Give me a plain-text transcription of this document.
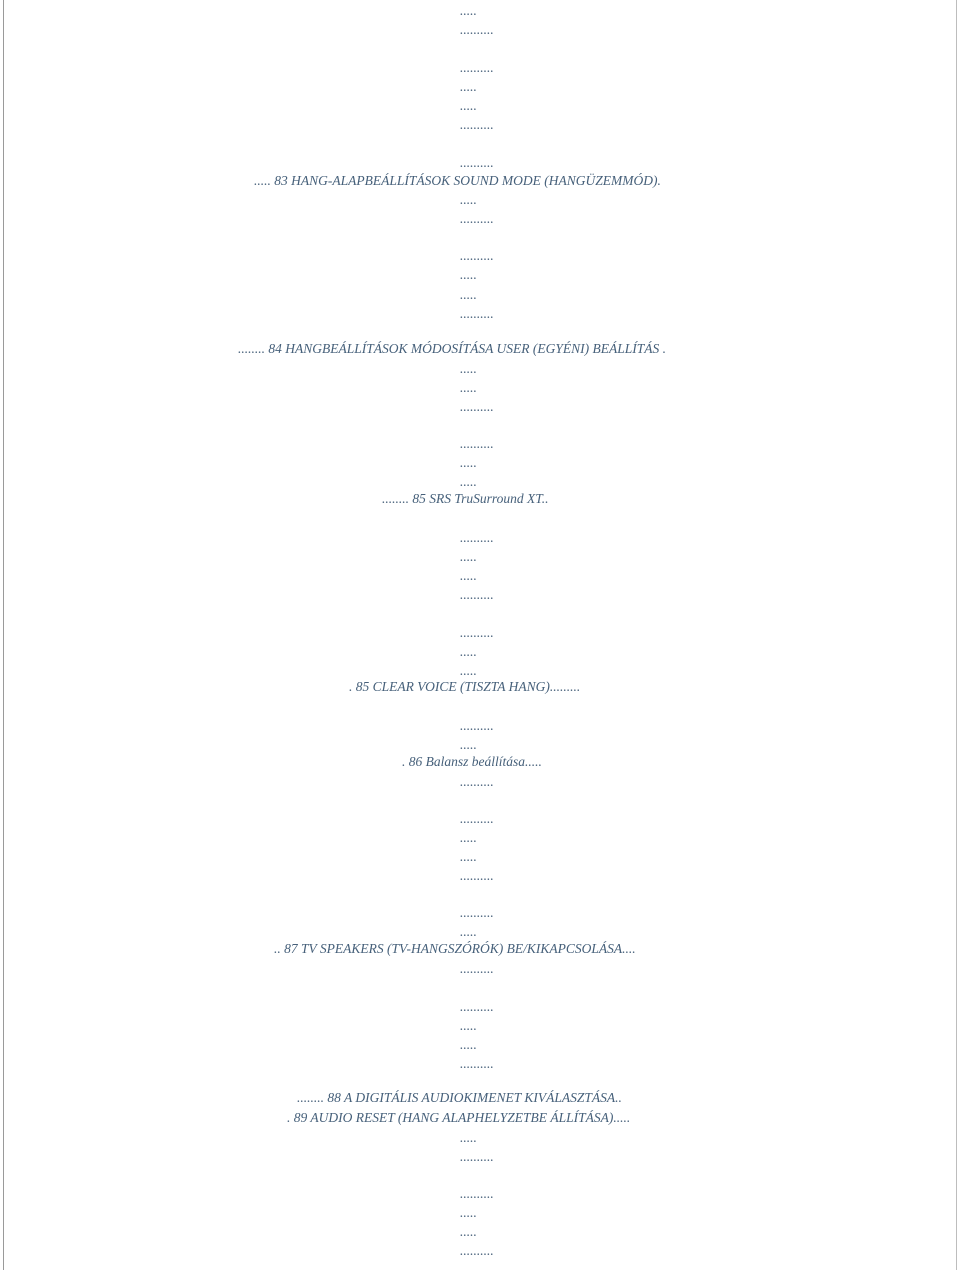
.....
..........
..........
.....
.....
..........
..........
.....
..........
..........
.....
.....
..........
.....
.....
..........
..........
.....
.....
..........
.....
.....
..........
..........
.....
.....
..........
.....
..........
..........
.....
.....
..........
..........
.....
..........
..........
.....
.....
..........
.....
..........
..........
.....
.....
..........
..... 83 HANG-ALAPBEÁLLÍTÁSOK SOUND MODE (HANGÜZEMMÓD).
........ 84 HANGBEÁLLÍTÁSOK MÓDOSÍTÁSA USER (EGYÉNI) BEÁLLÍTÁS .
........ 85 SRS TruSurround XT..
. 85 CLEAR VOICE (TISZTA HANG).........
. 86 Balansz beállítása.....
.. 87 TV SPEAKERS (TV-HANGSZÓRÓK) BE/KIKAPCSOLÁSA....
........ 88 A DIGITÁLIS AUDIOKIMENET KIVÁLASZTÁSA..
. 89 AUDIO RESET (HANG ALAPHELYZETBE ÁLLÍTÁSA).....
